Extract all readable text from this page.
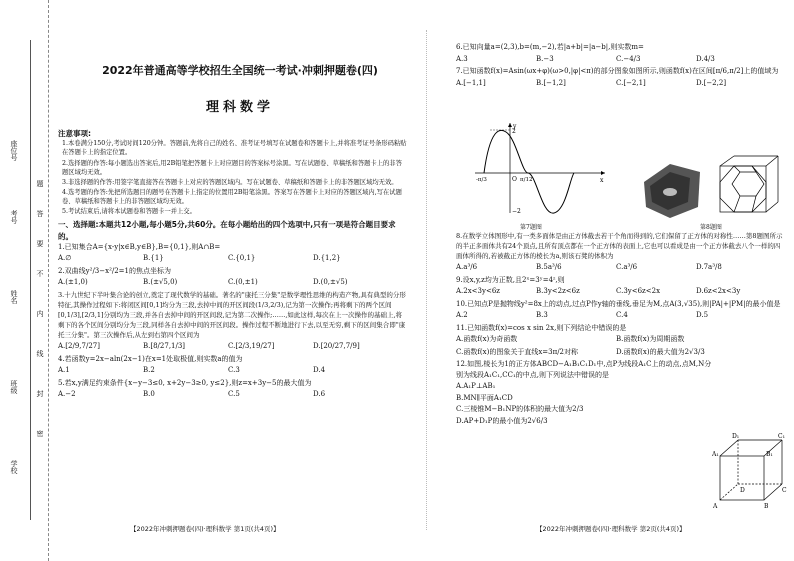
学校
班级
姓名
考号
座位号
密
封
线
内
不
要
答
题
2022年普通高等学校招生全国统一考试·冲刺押题卷(四)
理科数学
注意事项:

1.本卷满分150分,考试时间120分钟。答题前,先将自己的姓名、准考证号填写在试题卷和答题卡上,并将准考证号条形码粘贴在答题卡上的指定位置。

2.选择题的作答:每小题选出答案后,用2B铅笔把答题卡上对应题目的答案标号涂黑。写在试题卷、草稿纸和答题卡上的非答题区域均无效。

3.非选择题的作答:用签字笔直接答在答题卡上对应的答题区域内。写在试题卷、草稿纸和答题卡上的非答题区域均无效。

4.选考题的作答:先把所选题目的题号在答题卡上指定的位置用2B铅笔涂黑。答案写在答题卡上对应的答题区域内,写在试题卷、草稿纸和答题卡上的非答题区域均无效。

5.考试结束后,请将本试题卷和答题卡一并上交。

一、选择题:本题共12小题,每小题5分,共60分。在每小题给出的四个选项中,只有一项是符合题目要求的。

1.已知集合A={x-y|x∈B,y∈B},B={0,1},则A∩B=

A.∅	B.{1}	C.{0,1}	D.{1,2}

2.双曲线y²/3−x²/2=1的焦点坐标为

A.(±1,0)	B.(±√5,0)	C.(0,±1)	D.(0,±√5)

3.十九世纪下半叶集合论的创立,奠定了现代数学的基础。著名的"康托三分集"是数学理性思维的构造产物,具有典型的分形特征,其操作过程如下:将闭区间[0,1]均分为三段,去掉中间的开区间段(1/3,2/3),记为第一次操作;再将剩下的两个区间[0,1/3],[2/3,1]分别均为三段,并各自去掉中间的开区间段,记为第二次操作;……,如此这样,每次在上一次操作的基础上,将剩下的各个区间分别均分为三段,同样各自去掉中间的开区间段。操作过程不断地进行下去,以至无穷,剩下的区间集合即"康托三分集"。第三次操作后,从左到右第四个区间为

A.[2/9,7/27]	B.[8/27,1/3]	C.[2/3,19/27]	D.[20/27,7/9]

4.若函数y=2x−aln(2x−1)在x=1处取极值,则实数a的值为

A.1	B.2	C.3	D.4

5.若x,y满足约束条件{x−y−3≤0, x+2y−3≥0, y≤2},则z=x+3y−5的最大值为

A.−2	B.0	C.5	D.6

6.已知向量a=(2,3),b=(m,−2),若|a+b|=|a−b|,则实数m=

A.3	B.−3	C.−4/3	D.4/3

7.已知函数f(x)=Asin(ωx+φ)(ω>0,|φ|<π)的部分图象如图所示,则函数f(x)在区间[π/6,π/2]上的值域为

A.[−1,1]	B.[−1,2]	C.[−2,1]	D.[−2,2]
y
2
x
O
−2
-π/3	π/12
第7题图	第8题图

8.在数学立体图形中,有一类多面体是由正方体截去若干个角而得到的,它们保留了正方体的对称性……第8题图所示的半正多面体共有24个顶点,且所有顶点都在一个正方体的表面上,它也可以看成是由一个正方体截去八个一样的四面体所得的,若被截正方体的棱长为a,则该石凳的体积为

A.a³/6	B.5a³/6	C.a³/6	D.7a³/8

9.设x,y,z均为正数,且2ˣ=3ʸ=4ᶻ,则

A.2x<3y<6z	B.3y<2z<6z	C.3y<6z<2x	D.6z<2x<3y

10.已知点P是抛物线y²=8x上的动点,过点P作y轴的垂线,垂足为M,点A(3,√35),则|PA|+|PM|的最小值是

A.2	B.3	C.4	D.5

11.已知函数f(x)=cos x sin 2x,则下列结论中错误的是

A.函数f(x)为奇函数	B.函数f(x)为周期函数
C.函数f(x)的图象关于直线x=3π/2对称	D.函数f(x)的最大值为2√3/3

12.如图,棱长为1的正方体ABCD−A₁B₁C₁D₁中,点P为线段A₁C上的动点,点M,N分别为线段A₁C₁,CC₁的中点,则下列说法中错误的是

A.A₁P⊥AB₁

B.MN∥平面A₁CD

C.三棱锥M−B₁NP的体积的最大值为2/3

D.AP+D₁P的最小值为2√6/3

A₁	B₁
C₁
D₁
A	B
C
D
【2022年冲刺押题卷(四)·理科数学 第1页(共4页)】	【2022年冲刺押题卷(四)·理科数学 第2页(共4页)】
